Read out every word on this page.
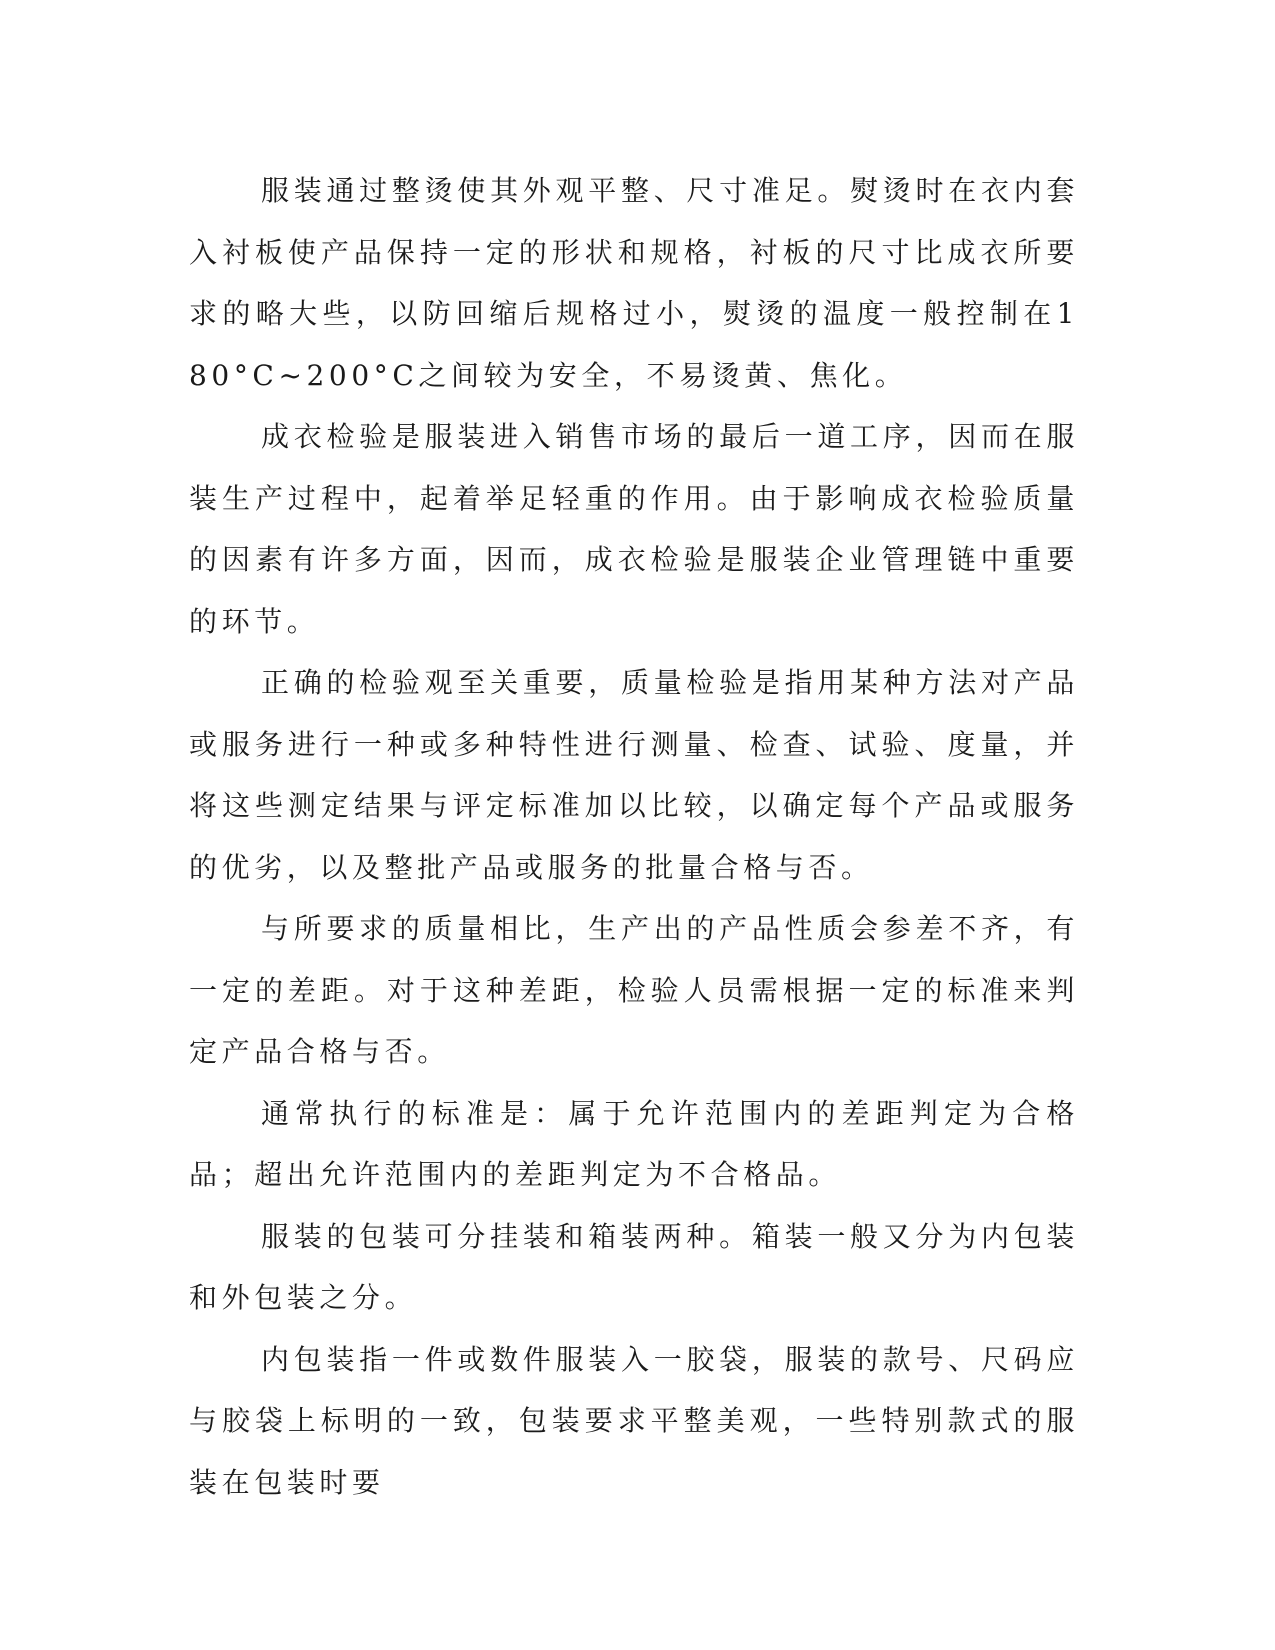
服装通过整烫使其外观平整、尺寸准足。熨烫时在衣内套入衬板使产品保持一定的形状和规格，衬板的尺寸比成衣所要求的略大些，以防回缩后规格过小，熨烫的温度一般控制在180°C~200°C之间较为安全，不易烫黄、焦化。

成衣检验是服装进入销售市场的最后一道工序，因而在服装生产过程中，起着举足轻重的作用。由于影响成衣检验质量的因素有许多方面，因而，成衣检验是服装企业管理链中重要的环节。

正确的检验观至关重要，质量检验是指用某种方法对产品或服务进行一种或多种特性进行测量、检查、试验、度量，并将这些测定结果与评定标准加以比较，以确定每个产品或服务的优劣，以及整批产品或服务的批量合格与否。

与所要求的质量相比，生产出的产品性质会参差不齐，有一定的差距。对于这种差距，检验人员需根据一定的标准来判定产品合格与否。

通常执行的标准是：属于允许范围内的差距判定为合格品；超出允许范围内的差距判定为不合格品。

服装的包装可分挂装和箱装两种。箱装一般又分为内包装和外包装之分。

内包装指一件或数件服装入一胶袋，服装的款号、尺码应与胶袋上标明的一致，包装要求平整美观，一些特别款式的服装在包装时要
